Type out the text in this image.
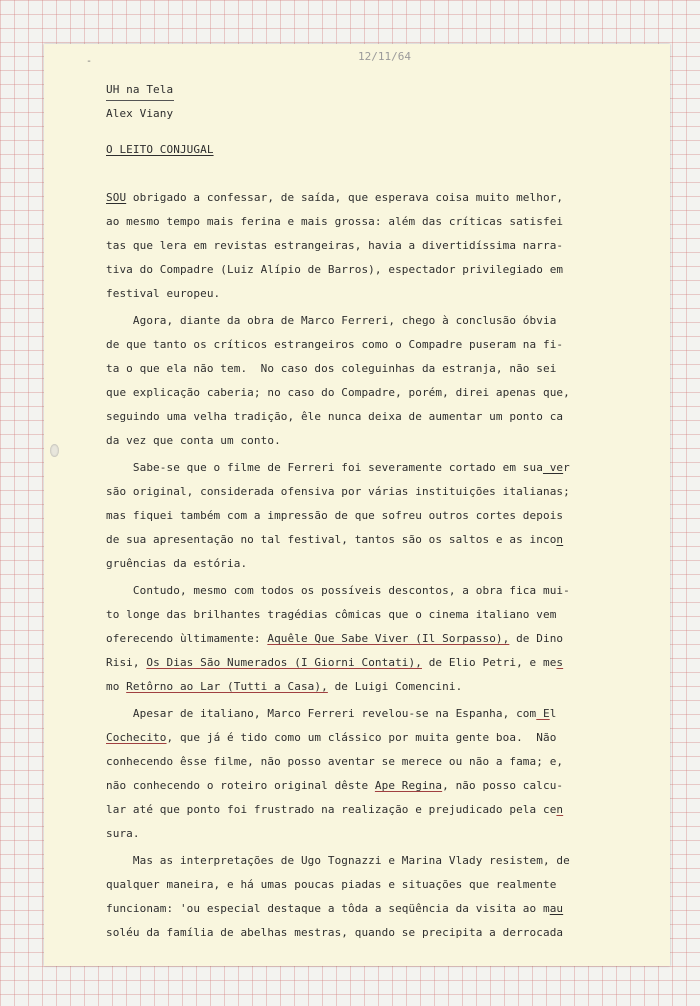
12/11/64
-
UH na Tela
Alex Viany
O LEITO CONJUGAL
SOU obrigado a confessar, de saída, que esperava coisa muito melhor,
ao mesmo tempo mais ferina e mais grossa: além das críticas satisfei
tas que lera em revistas estrangeiras, havia a divertidíssima narra-
tiva do Compadre (Luiz Alípio de Barros), espectador privilegiado em
festival europeu.
Agora, diante da obra de Marco Ferreri, chego à conclusão óbvia
de que tanto os críticos estrangeiros como o Compadre puseram na fi-
ta o que ela não tem.  No caso dos coleguinhas da estranja, não sei
que explicação caberia; no caso do Compadre, porém, direi apenas que,
seguindo uma velha tradição, êle nunca deixa de aumentar um ponto ca
da vez que conta um conto.
Sabe-se que o filme de Ferreri foi severamente cortado em sua ver
são original, considerada ofensiva por várias instituições italianas;
mas fiquei também com a impressão de que sofreu outros cortes depois
de sua apresentação no tal festival, tantos são os saltos e as incon
gruências da estória.
Contudo, mesmo com todos os possíveis descontos, a obra fica mui-
to longe das brilhantes tragédias cômicas que o cinema italiano vem
oferecendo ùltimamente: Aquêle Que Sabe Viver (Il Sorpasso), de Dino
Risi, Os Dias São Numerados (I Giorni Contati), de Elio Petri, e mes
mo Retôrno ao Lar (Tutti a Casa), de Luigi Comencini.
Apesar de italiano, Marco Ferreri revelou-se na Espanha, com El
Cochecito, que já é tido como um clássico por muita gente boa.  Não
conhecendo êsse filme, não posso aventar se merece ou não a fama; e,
não conhecendo o roteiro original dêste Ape Regina, não posso calcu-
lar até que ponto foi frustrado na realização e prejudicado pela cen
sura.
Mas as interpretações de Ugo Tognazzi e Marina Vlady resistem, de
qualquer maneira, e há umas poucas piadas e situações que realmente
funcionam: 'ou especial destaque a tôda a seqüência da visita ao mau
soléu da família de abelhas mestras, quando se precipita a derrocada
